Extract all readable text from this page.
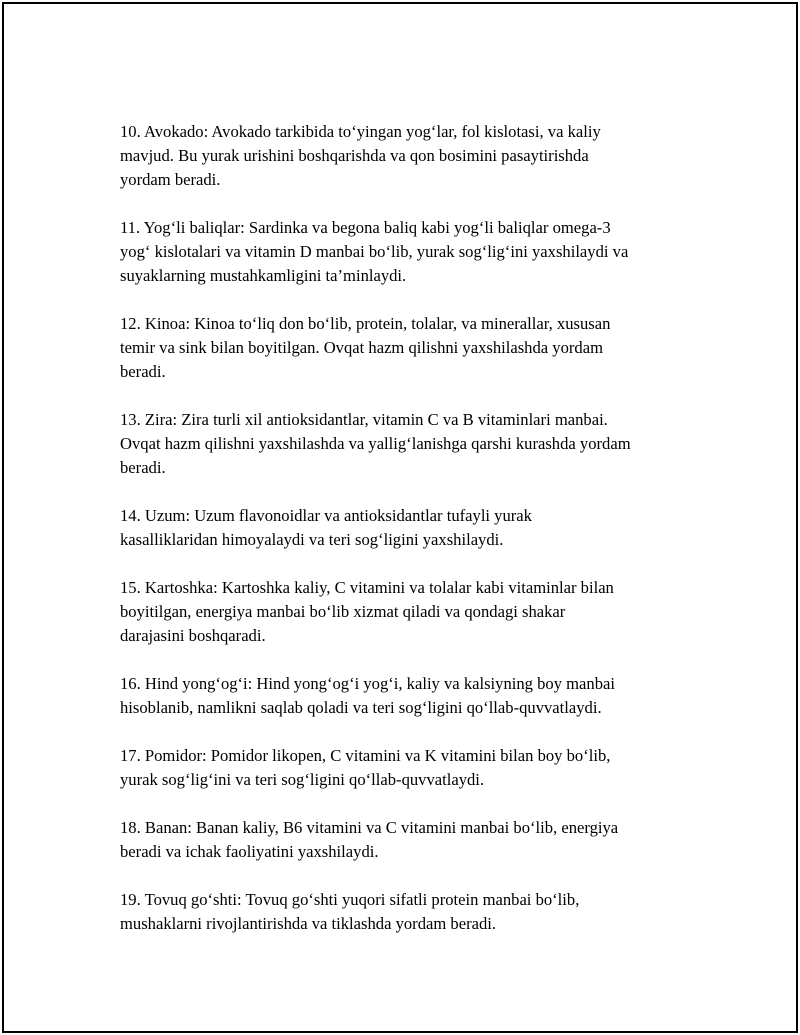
10. Avokado: Avokado tarkibida to‘yingan yog‘lar, fol kislotasi, va kaliy
mavjud. Bu yurak urishini boshqarishda va qon bosimini pasaytirishda
yordam beradi.

11. Yog‘li baliqlar: Sardinka va begona baliq kabi yog‘li baliqlar omega-3
yog‘ kislotalari va vitamin D manbai bo‘lib, yurak sog‘lig‘ini yaxshilaydi va
suyaklarning mustahkamligini ta’minlaydi.

12. Kinoa: Kinoa to‘liq don bo‘lib, protein, tolalar, va minerallar, xususan
temir va sink bilan boyitilgan. Ovqat hazm qilishni yaxshilashda yordam
beradi.

13. Zira: Zira turli xil antioksidantlar, vitamin C va B vitaminlari manbai.
Ovqat hazm qilishni yaxshilashda va yallig‘lanishga qarshi kurashda yordam
beradi.

14. Uzum: Uzum flavonoidlar va antioksidantlar tufayli yurak
kasalliklaridan himoyalaydi va teri sog‘ligini yaxshilaydi.

15. Kartoshka: Kartoshka kaliy, C vitamini va tolalar kabi vitaminlar bilan
boyitilgan, energiya manbai bo‘lib xizmat qiladi va qondagi shakar
darajasini boshqaradi.

16. Hind yong‘og‘i: Hind yong‘og‘i yog‘i, kaliy va kalsiyning boy manbai
hisoblanib, namlikni saqlab qoladi va teri sog‘ligini qo‘llab-quvvatlaydi.

17. Pomidor: Pomidor likopen, C vitamini va K vitamini bilan boy bo‘lib,
yurak sog‘lig‘ini va teri sog‘ligini qo‘llab-quvvatlaydi.

18. Banan: Banan kaliy, B6 vitamini va C vitamini manbai bo‘lib, energiya
beradi va ichak faoliyatini yaxshilaydi.

19. Tovuq go‘shti: Tovuq go‘shti yuqori sifatli protein manbai bo‘lib,
mushaklarni rivojlantirishda va tiklashda yordam beradi.
